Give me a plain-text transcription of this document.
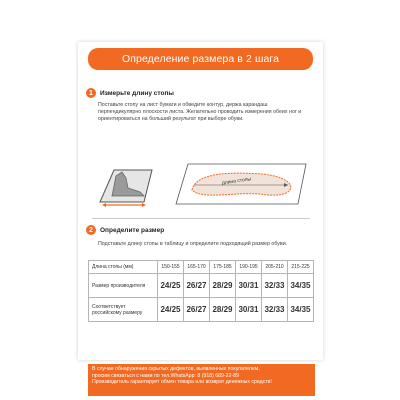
Определение размера в 2 шага
1	Измерьте длину стопы
Поставьте стопу на лист бумаги и обведите контур, держа карандаш перпендикулярно плоскости листа. Желательно проводить измерения обеих ног и ориентироваться на больший результат при выборе обуви.
длина стопы
2	Определите размер
Подставьте длину стопы в таблицу и определите подходящий размер обуви.
Длина стопы (мм)	150-155	165-170	175-185	190-195	205-210	215-225
Размер производителя	24/25	26/27	28/29	30/31	32/33	34/35
Соответствует российскому размеру	24/25	26/27	28/29	30/31	32/33	34/35
В случае обнаружения скрытых дефектов, выявленных покупателем,
просим связаться с нами по тел.WhatsApp: 8 (918) 689-22-89
Производитель гарантирует обмен товара или возврат денежных средств!
